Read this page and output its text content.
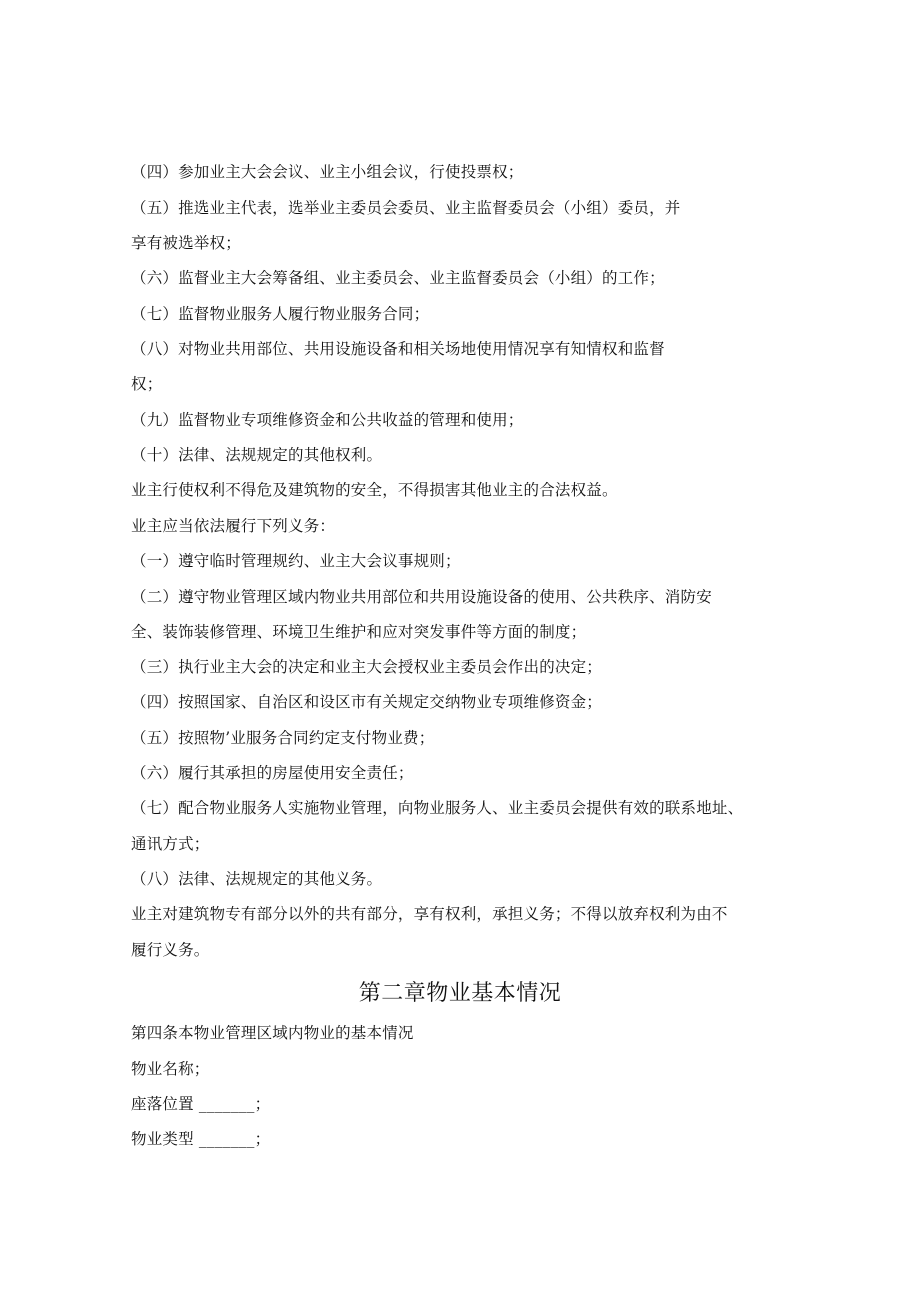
（四）参加业主大会会议、业主小组会议，行使投票权；
（五）推选业主代表，选举业主委员会委员、业主监督委员会（小组）委员，并
享有被选举权；
（六）监督业主大会筹备组、业主委员会、业主监督委员会（小组）的工作；
（七）监督物业服务人履行物业服务合同；
（八）对物业共用部位、共用设施设备和相关场地使用情况享有知情权和监督
权；
（九）监督物业专项维修资金和公共收益的管理和使用；
（十）法律、法规规定的其他权利。
业主行使权利不得危及建筑物的安全，不得损害其他业主的合法权益。
业主应当依法履行下列义务：
（一）遵守临时管理规约、业主大会议事规则；
（二）遵守物业管理区域内物业共用部位和共用设施设备的使用、公共秩序、消防安
全、装饰装修管理、环境卫生维护和应对突发事件等方面的制度；
（三）执行业主大会的决定和业主大会授权业主委员会作出的决定；
（四）按照国家、自治区和设区市有关规定交纳物业专项维修资金；
（五）按照物’业服务合同约定支付物业费；
（六）履行其承担的房屋使用安全责任；
（七）配合物业服务人实施物业管理，向物业服务人、业主委员会提供有效的联系地址、
通讯方式；
（八）法律、法规规定的其他义务。
业主对建筑物专有部分以外的共有部分，享有权利，承担义务；不得以放弃权利为由不
履行义务。
第二章物业基本情况
第四条本物业管理区域内物业的基本情况
物业名称；
座落位置 _______；
物业类型 _______；
